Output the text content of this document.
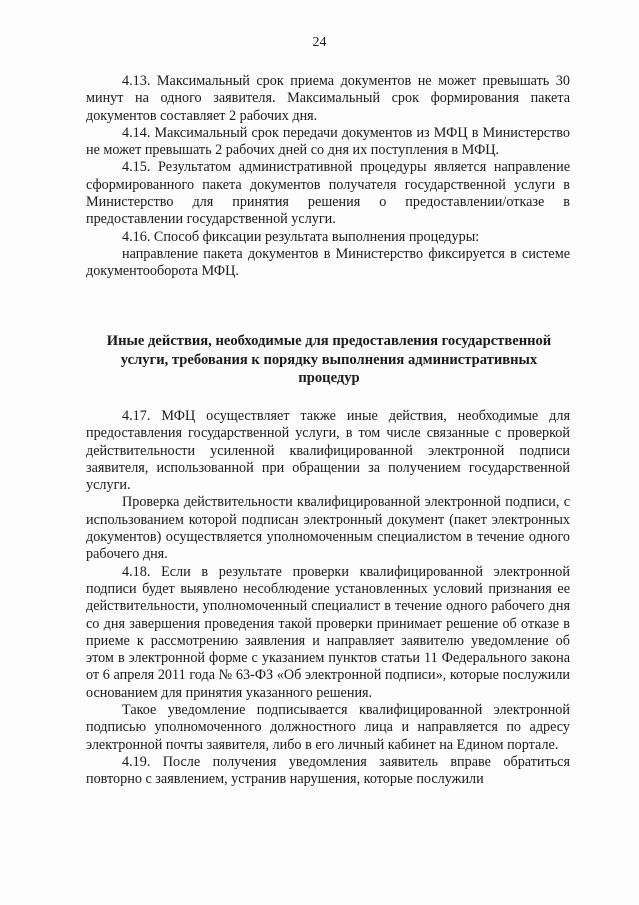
24

4.13. Максимальный срок приема документов не может превышать 30 минут на одного заявителя. Максимальный срок формирования пакета документов составляет 2 рабочих дня.

4.14. Максимальный срок передачи документов из МФЦ в Министерство не может превышать 2 рабочих дней со дня их поступления в МФЦ.

4.15. Результатом административной процедуры является направление сформированного пакета документов получателя государственной услуги в Министерство для принятия решения о предоставлении/отказе в предоставлении государственной услуги.

4.16. Способ фиксации результата выполнения процедуры:

направление пакета документов в Министерство фиксируется в системе документооборота МФЦ.

Иные действия, необходимые для предоставления государственной услуги, требования к порядку выполнения административных процедур

4.17. МФЦ осуществляет также иные действия, необходимые для предоставления государственной услуги, в том числе связанные с проверкой действительности усиленной квалифицированной электронной подписи заявителя, использованной при обращении за получением государственной услуги.

Проверка действительности квалифицированной электронной подписи, с использованием которой подписан электронный документ (пакет электронных документов) осуществляется уполномоченным специалистом в течение одного рабочего дня.

4.18. Если в результате проверки квалифицированной электронной подписи будет выявлено несоблюдение установленных условий признания ее действительности, уполномоченный специалист в течение одного рабочего дня со дня завершения проведения такой проверки принимает решение об отказе в приеме к рассмотрению заявления и направляет заявителю уведомление об этом в электронной форме с указанием пунктов статьи 11 Федерального закона от 6 апреля 2011 года № 63-ФЗ «Об электронной подписи», которые послужили основанием для принятия указанного решения.

Такое уведомление подписывается квалифицированной электронной подписью уполномоченного должностного лица и направляется по адресу электронной почты заявителя, либо в его личный кабинет на Едином портале.

4.19. После получения уведомления заявитель вправе обратиться повторно с заявлением, устранив нарушения, которые послужили
